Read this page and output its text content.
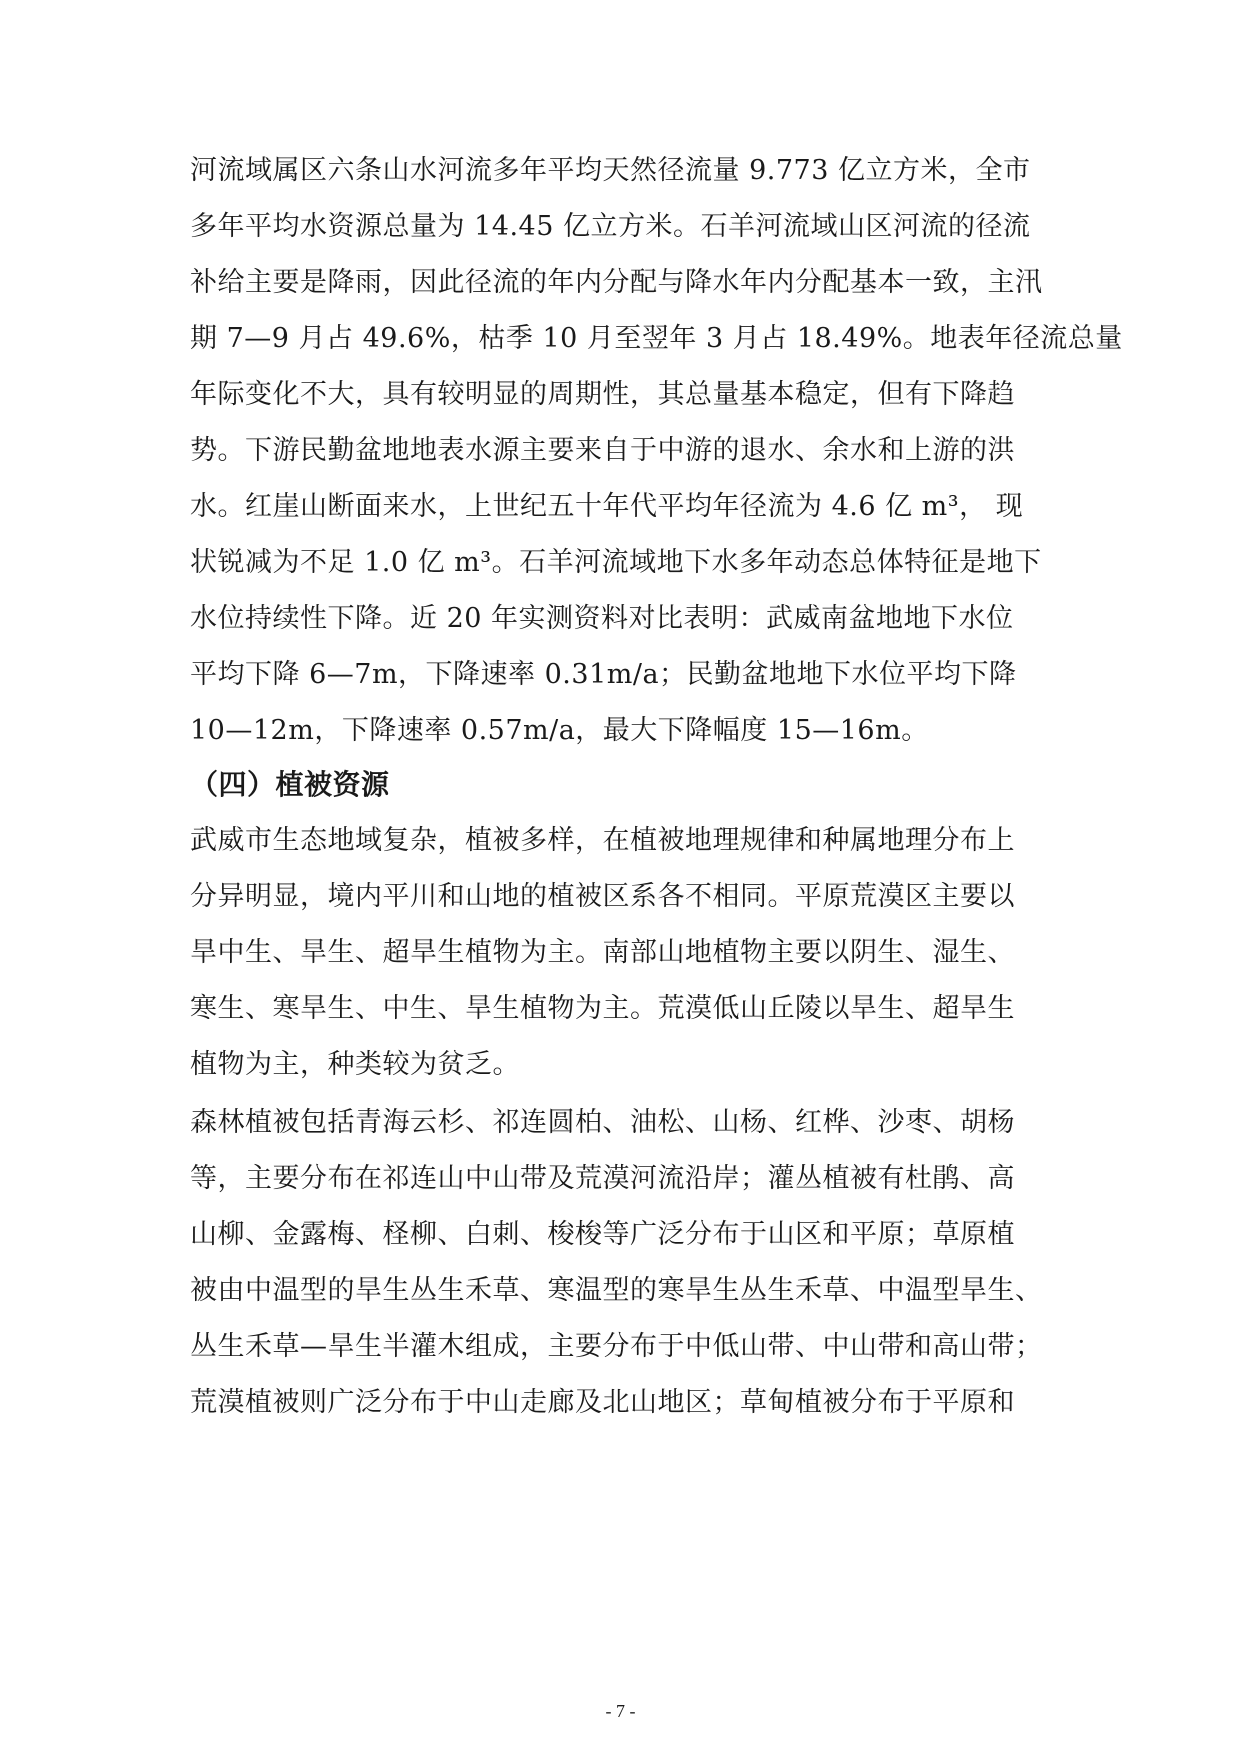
河流域属区六条山水河流多年平均天然径流量 9.773 亿立方米，全市
多年平均水资源总量为 14.45 亿立方米。石羊河流域山区河流的径流
补给主要是降雨，因此径流的年内分配与降水年内分配基本一致，主汛
期 7—9 月占 49.6%，枯季 10 月至翌年 3 月占 18.49%。地表年径流总量
年际变化不大，具有较明显的周期性，其总量基本稳定，但有下降趋
势。下游民勤盆地地表水源主要来自于中游的退水、余水和上游的洪
水。红崖山断面来水，上世纪五十年代平均年径流为 4.6 亿 m³， 现
状锐减为不足 1.0 亿 m³。石羊河流域地下水多年动态总体特征是地下
水位持续性下降。近 20 年实测资料对比表明：武威南盆地地下水位
平均下降 6—7m，下降速率 0.31m/a；民勤盆地地下水位平均下降
10—12m，下降速率 0.57m/a，最大下降幅度 15—16m。
（四）植被资源
武威市生态地域复杂，植被多样，在植被地理规律和种属地理分布上
分异明显，境内平川和山地的植被区系各不相同。平原荒漠区主要以
旱中生、旱生、超旱生植物为主。南部山地植物主要以阴生、湿生、
寒生、寒旱生、中生、旱生植物为主。荒漠低山丘陵以旱生、超旱生
植物为主，种类较为贫乏。
森林植被包括青海云杉、祁连圆柏、油松、山杨、红桦、沙枣、胡杨
等，主要分布在祁连山中山带及荒漠河流沿岸；灌丛植被有杜鹃、高
山柳、金露梅、柽柳、白刺、梭梭等广泛分布于山区和平原；草原植
被由中温型的旱生丛生禾草、寒温型的寒旱生丛生禾草、中温型旱生、
丛生禾草—旱生半灌木组成，主要分布于中低山带、中山带和高山带；
荒漠植被则广泛分布于中山走廊及北山地区；草甸植被分布于平原和
- 7 -
